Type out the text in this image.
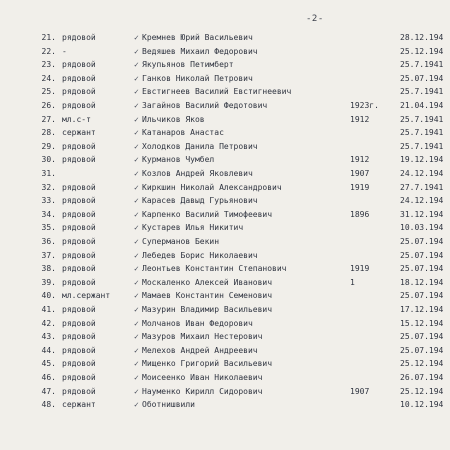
-2-
21. рядовой	✓ Кремнев Юрий Васильевич	28.12.194
22. -	✓ Ведяшев Михаил Федорович	25.12.194
23. рядовой	✓ Якупьянов Петимберт	25.7.1941
24. рядовой	✓ Ганков Николай Петрович	25.07.194
25. рядовой	✓ Евстигнеев Василий Евстигнеевич	25.7.1941
26. рядовой	✓ Загайнов Василий Федотович	1923г.	21.04.194
27. мл.с-т	✓ Ильчиков Яков	1912	25.7.1941
28. сержант	✓ Катанаров Анастас	25.7.1941
29. рядовой	✓ Холодков Данила Петрович	25.7.1941
30. рядовой	✓ Курманов Чумбел	1912	19.12.194
31.	✓ Козлов Андрей Яковлевич	1907	24.12.194
32. рядовой	✓ Киркшин Николай Александрович	1919	27.7.1941
33. рядовой	✓ Карасев Давыд Гурьянович	24.12.194
34. рядовой	✓ Карпенко Василий Тимофеевич	1896	31.12.194
35. рядовой	✓ Кустарев Илья Никитич	10.03.194
36. рядовой	✓ Суперманов Бекин	25.07.194
37. рядовой	✓ Лебедев Борис Николаевич	25.07.194
38. рядовой	✓ Леонтьев Константин Степанович	1919	25.07.194
39. рядовой	✓ Москаленко Алексей Иванович	1	18.12.194
40. мл.сержант	✓ Мамаев Константин Семенович	25.07.194
41. рядовой	✓ Мазурин Владимир Васильевич	17.12.194
42. рядовой	✓ Молчанов Иван Федорович	15.12.194
43. рядовой	✓ Мазуров Михаил Нестерович	25.07.194
44. рядовой	✓ Мелехов Андрей Андреевич	25.07.194
45. рядовой	✓ Мищенко Григорий Васильевич	25.12.194
46. рядовой	✓ Моисеенко Иван Николаевич	26.07.194
47. рядовой	✓ Науменко Кирилл Сидорович	1907	25.12.194
48. сержант	✓ Оботнишвили	10.12.194
